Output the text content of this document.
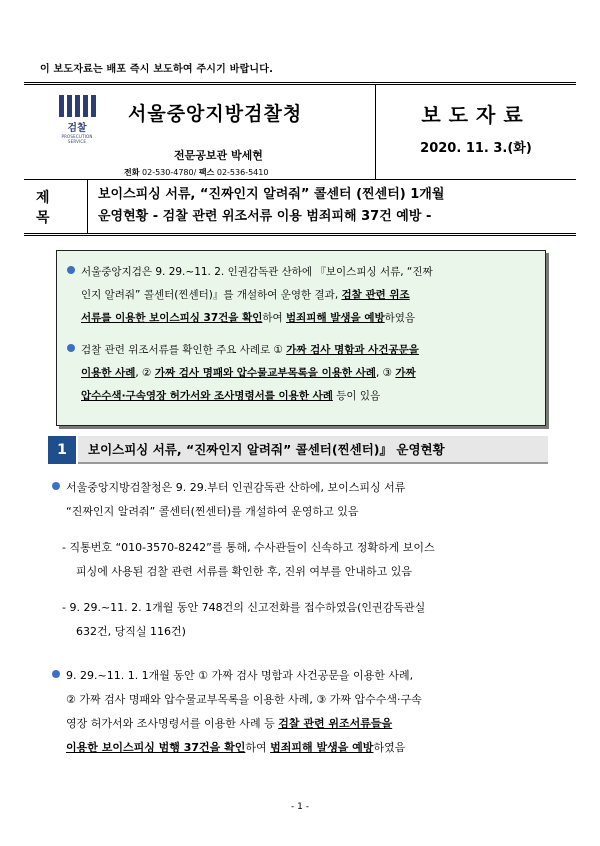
이 보도자료는 배포 즉시 보도하여 주시기 바랍니다.
검찰
PROSECUTION SERVICE
서울중앙지방검찰청
전문공보관 박세현
전화 02-530-4780/ 팩스 02-536-5410
보도자료
2020. 11. 3.(화)
제목
보이스피싱 서류, “진짜인지 알려줘” 콜센터 (찐센터) 1개월
운영현황 - 검찰 관련 위조서류 이용 범죄피해 37건 예방 -
서울중앙지검은 9. 29.~11. 2. 인권감독관 산하에 『보이스피싱 서류, “진짜
인지 알려줘” 콜센터(찐센터)』를 개설하여 운영한 결과, 검찰 관련 위조
서류를 이용한 보이스피싱 37건을 확인하여 범죄피해 발생을 예방하였음
검찰 관련 위조서류를 확인한 주요 사례로 ① 가짜 검사 명함과 사건공문을
이용한 사례, ② 가짜 검사 명패와 압수물교부목록을 이용한 사례, ③ 가짜
압수수색·구속영장 허가서와 조사명령서를 이용한 사례 등이 있음
1	보이스피싱 서류, “진짜인지 알려줘” 콜센터(찐센터)』 운영현황
서울중앙지방검찰청은 9. 29.부터 인권감독관 산하에, 보이스피싱 서류
“진짜인지 알려줘” 콜센터(찐센터)를 개설하여 운영하고 있음
- 직통번호 “010-3570-8242”를 통해, 수사관들이 신속하고 정확하게 보이스
피싱에 사용된 검찰 관련 서류를 확인한 후, 진위 여부를 안내하고 있음
- 9. 29.~11. 2. 1개월 동안 748건의 신고전화를 접수하였음(인권감독관실
632건, 당직실 116건)
9. 29.~11. 1. 1개월 동안 ① 가짜 검사 명함과 사건공문을 이용한 사례,
② 가짜 검사 명패와 압수물교부목록을 이용한 사례, ③ 가짜 압수수색·구속
영장 허가서와 조사명령서를 이용한 사례 등 검찰 관련 위조서류들을
이용한 보이스피싱 범행 37건을 확인하여 범죄피해 발생을 예방하였음
- 1 -
